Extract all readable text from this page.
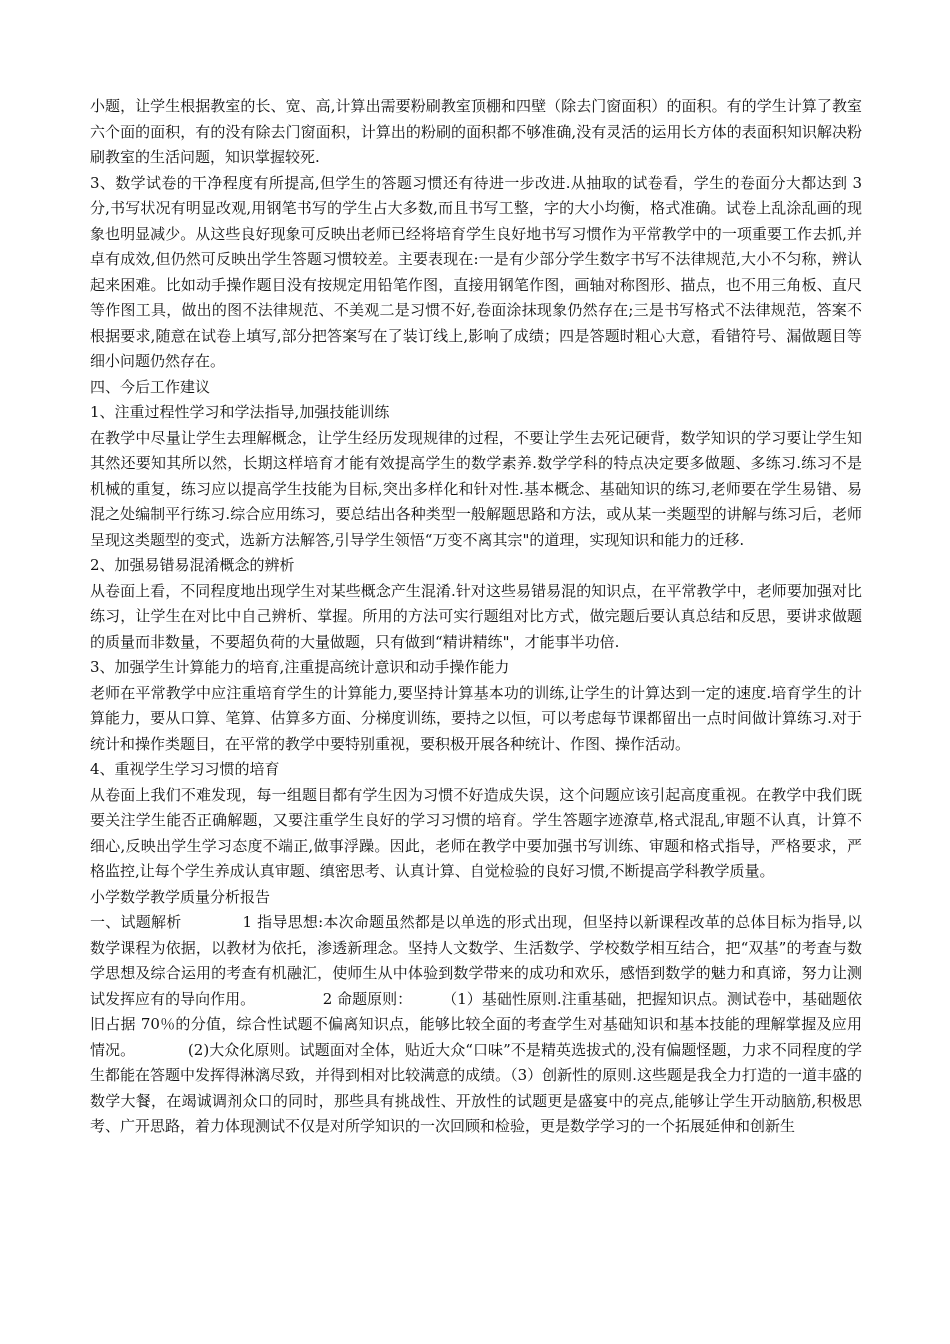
小题，让学生根据教室的长、宽、高,计算出需要粉刷教室顶棚和四壁（除去门窗面积）的面积。有的学生计算了教室六个面的面积，有的没有除去门窗面积，计算出的粉刷的面积都不够准确,没有灵活的运用长方体的表面积知识解决粉刷教室的生活问题，知识掌握较死.

3、数学试卷的干净程度有所提高,但学生的答题习惯还有待进一步改进.从抽取的试卷看，学生的卷面分大都达到 3 分,书写状况有明显改观,用钢笔书写的学生占大多数,而且书写工整，字的大小均衡，格式准确。试卷上乱涂乱画的现象也明显减少。从这些良好现象可反映出老师已经将培育学生良好地书写习惯作为平常教学中的一项重要工作去抓,并卓有成效,但仍然可反映出学生答题习惯较差。主要表现在:一是有少部分学生数字书写不法律规范,大小不匀称，辨认起来困难。比如动手操作题目没有按规定用铅笔作图，直接用钢笔作图，画轴对称图形、描点，也不用三角板、直尺等作图工具，做出的图不法律规范、不美观二是习惯不好,卷面涂抹现象仍然存在;三是书写格式不法律规范，答案不根据要求,随意在试卷上填写,部分把答案写在了装订线上,影响了成绩；四是答题时粗心大意，看错符号、漏做题目等细小问题仍然存在。

四、今后工作建议

1、注重过程性学习和学法指导,加强技能训练

在教学中尽量让学生去理解概念，让学生经历发现规律的过程，不要让学生去死记硬背，数学知识的学习要让学生知其然还要知其所以然，长期这样培育才能有效提高学生的数学素养.数学学科的特点决定要多做题、多练习.练习不是机械的重复，练习应以提高学生技能为目标,突出多样化和针对性.基本概念、基础知识的练习,老师要在学生易错、易混之处编制平行练习.综合应用练习，要总结出各种类型一般解题思路和方法，或从某一类题型的讲解与练习后，老师呈现这类题型的变式，选新方法解答,引导学生领悟“万变不离其宗"的道理，实现知识和能力的迁移.

2、加强易错易混淆概念的辨析

从卷面上看，不同程度地出现学生对某些概念产生混淆.针对这些易错易混的知识点，在平常教学中，老师要加强对比练习，让学生在对比中自己辨析、掌握。所用的方法可实行题组对比方式，做完题后要认真总结和反思，要讲求做题的质量而非数量，不要超负荷的大量做题，只有做到“精讲精练"，才能事半功倍.

3、加强学生计算能力的培育,注重提高统计意识和动手操作能力

老师在平常教学中应注重培育学生的计算能力,要坚持计算基本功的训练,让学生的计算达到一定的速度.培育学生的计算能力，要从口算、笔算、估算多方面、分梯度训练，要持之以恒，可以考虑每节课都留出一点时间做计算练习.对于统计和操作类题目，在平常的教学中要特别重视，要积极开展各种统计、作图、操作活动。

4、重视学生学习习惯的培育

从卷面上我们不难发现，每一组题目都有学生因为习惯不好造成失误，这个问题应该引起高度重视。在教学中我们既要关注学生能否正确解题，又要注重学生良好的学习习惯的培育。学生答题字迹潦草,格式混乱,审题不认真，计算不细心,反映出学生学习态度不端正,做事浮躁。因此，老师在教学中要加强书写训练、审题和格式指导，严格要求，严格监控,让每个学生养成认真审题、缜密思考、认真计算、自觉检验的良好习惯,不断提高学科教学质量。

小学数学教学质量分析报告

一、试题解析　　　　1 指导思想:本次命题虽然都是以单选的形式出现，但坚持以新课程改革的总体目标为指导,以数学课程为依据，以教材为依托，渗透新理念。坚持人文数学、生活数学、学校数学相互结合，把“双基”的考查与数学思想及综合运用的考查有机融汇，使师生从中体验到数学带来的成功和欢乐，感悟到数学的魅力和真谛，努力让测试发挥应有的导向作用。　　　　　2 命题原则：　　　（1）基础性原则.注重基础，把握知识点。测试卷中，基础题依旧占据 70％的分值，综合性试题不偏离知识点，能够比较全面的考查学生对基础知识和基本技能的理解掌握及应用情况。　　　　(2)大众化原则。试题面对全体，贴近大众“口味”不是精英选拔式的,没有偏题怪题，力求不同程度的学生都能在答题中发挥得淋漓尽致，并得到相对比较满意的成绩。（3）创新性的原则.这些题是我全力打造的一道丰盛的数学大餐，在竭诚调剂众口的同时，那些具有挑战性、开放性的试题更是盛宴中的亮点,能够让学生开动脑筋,积极思考、广开思路，着力体现测试不仅是对所学知识的一次回顾和检验，更是数学学习的一个拓展延伸和创新生
